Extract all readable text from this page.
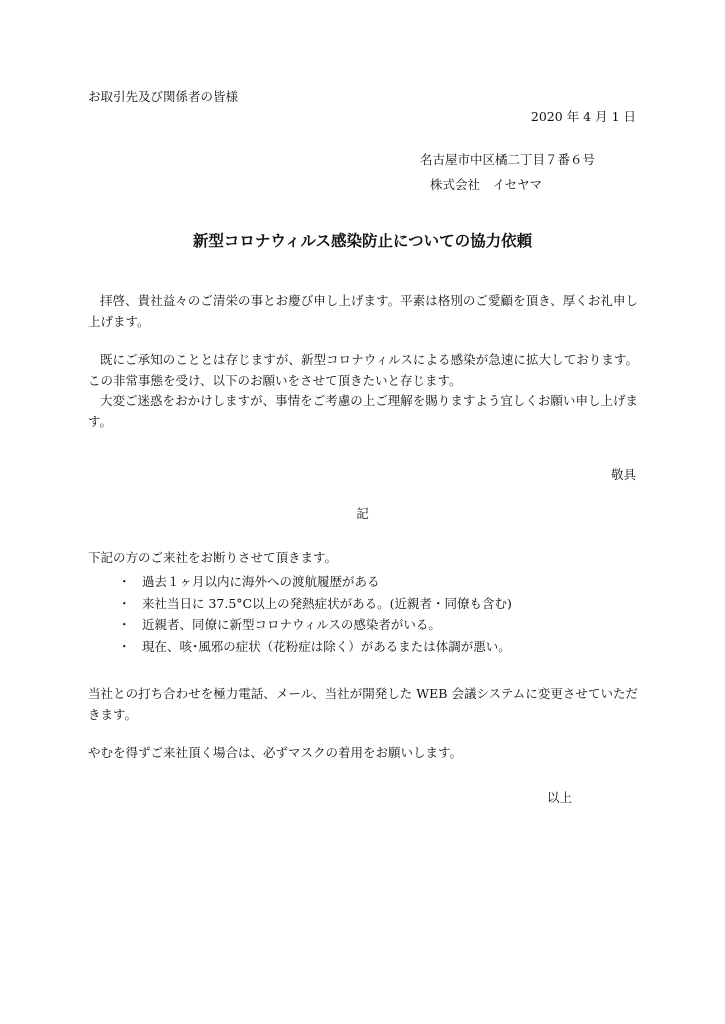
お取引先及び関係者の皆様
2020 年 4 月 1 日
名古屋市中区橘二丁目７番６号
株式会社　イセヤマ
新型コロナウィルス感染防止についての協力依頼
拝啓、貴社益々のご清栄の事とお慶び申し上げます。平素は格別のご愛顧を頂き、厚くお礼申し上げます。
既にご承知のこととは存じますが、新型コロナウィルスによる感染が急速に拡大しております。この非常事態を受け、以下のお願いをさせて頂きたいと存じます。
大変ご迷惑をおかけしますが、事情をご考慮の上ご理解を賜りますよう宜しくお願い申し上げます。
敬具
記
下記の方のご来社をお断りさせて頂きます。
・ 過去１ヶ月以内に海外への渡航履歴がある
・ 来社当日に 37.5°C以上の発熱症状がある。(近親者・同僚も含む)
・ 近親者、同僚に新型コロナウィルスの感染者がいる。
・ 現在、咳･風邪の症状（花粉症は除く）があるまたは体調が悪い。
当社との打ち合わせを極力電話、メール、当社が開発した WEB 会議システムに変更させていただきます。
やむを得ずご来社頂く場合は、必ずマスクの着用をお願いします。
以上
